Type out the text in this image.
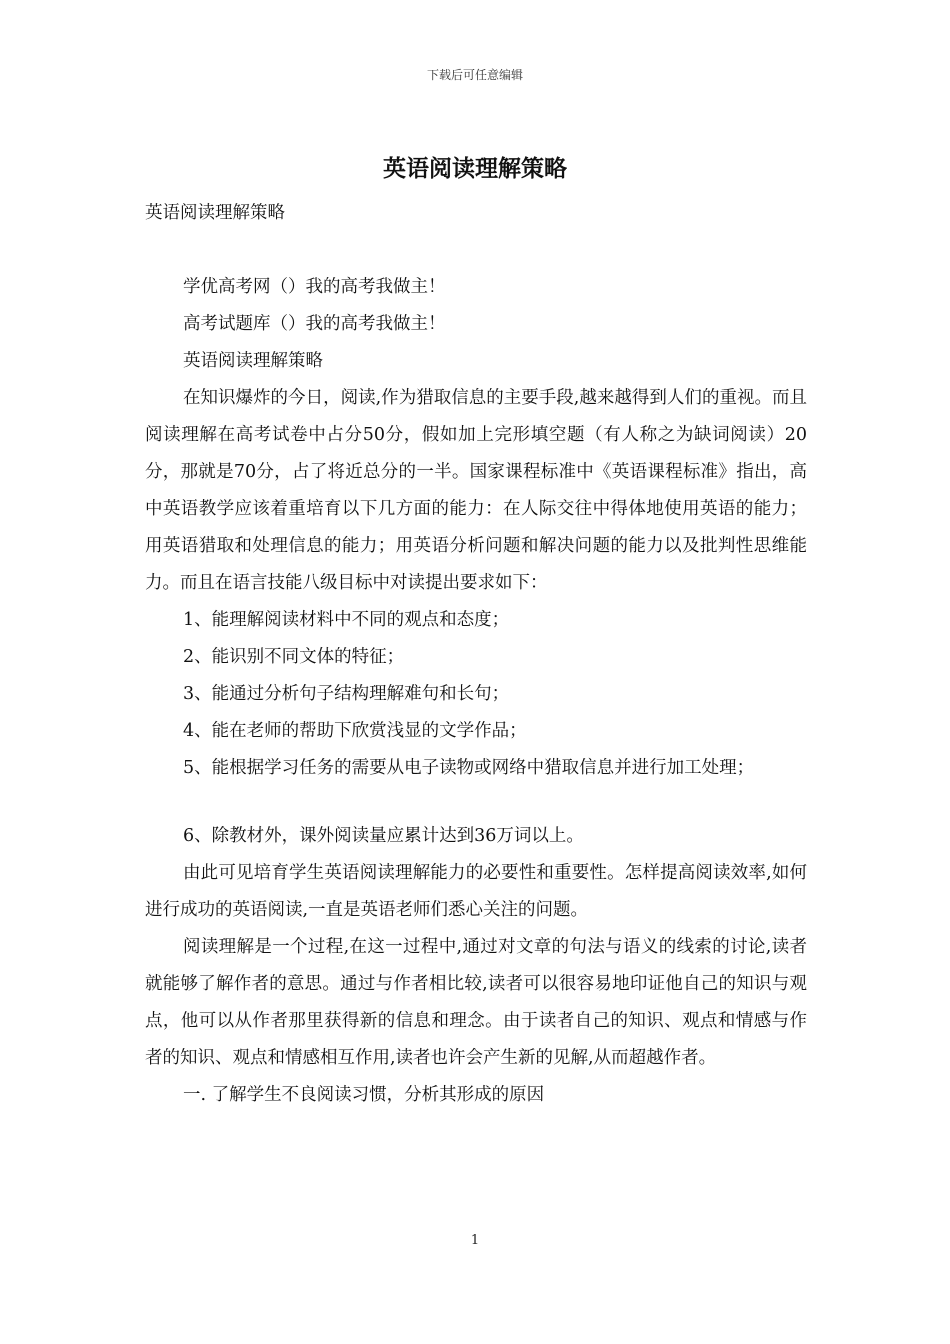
下载后可任意编辑
英语阅读理解策略

英语阅读理解策略

学优高考网（）我的高考我做主！

高考试题库（）我的高考我做主！

英语阅读理解策略

在知识爆炸的今日，阅读,作为猎取信息的主要手段,越来越得到人们的重视。而且阅读理解在高考试卷中占分50分，假如加上完形填空题（有人称之为缺词阅读）20分，那就是70分，占了将近总分的一半。国家课程标准中《英语课程标准》指出，高中英语教学应该着重培育以下几方面的能力：在人际交往中得体地使用英语的能力；用英语猎取和处理信息的能力；用英语分析问题和解决问题的能力以及批判性思维能力。而且在语言技能八级目标中对读提出要求如下：

1、能理解阅读材料中不同的观点和态度；

2、能识别不同文体的特征；

3、能通过分析句子结构理解难句和长句；

4、能在老师的帮助下欣赏浅显的文学作品；

5、能根据学习任务的需要从电子读物或网络中猎取信息并进行加工处理；

6、除教材外，课外阅读量应累计达到36万词以上。

由此可见培育学生英语阅读理解能力的必要性和重要性。怎样提高阅读效率,如何进行成功的英语阅读,一直是英语老师们悉心关注的问题。

阅读理解是一个过程,在这一过程中,通过对文章的句法与语义的线索的讨论,读者就能够了解作者的意思。通过与作者相比较,读者可以很容易地印证他自己的知识与观点，他可以从作者那里获得新的信息和理念。由于读者自己的知识、观点和情感与作者的知识、观点和情感相互作用,读者也许会产生新的见解,从而超越作者。

一. 了解学生不良阅读习惯，分析其形成的原因

1
